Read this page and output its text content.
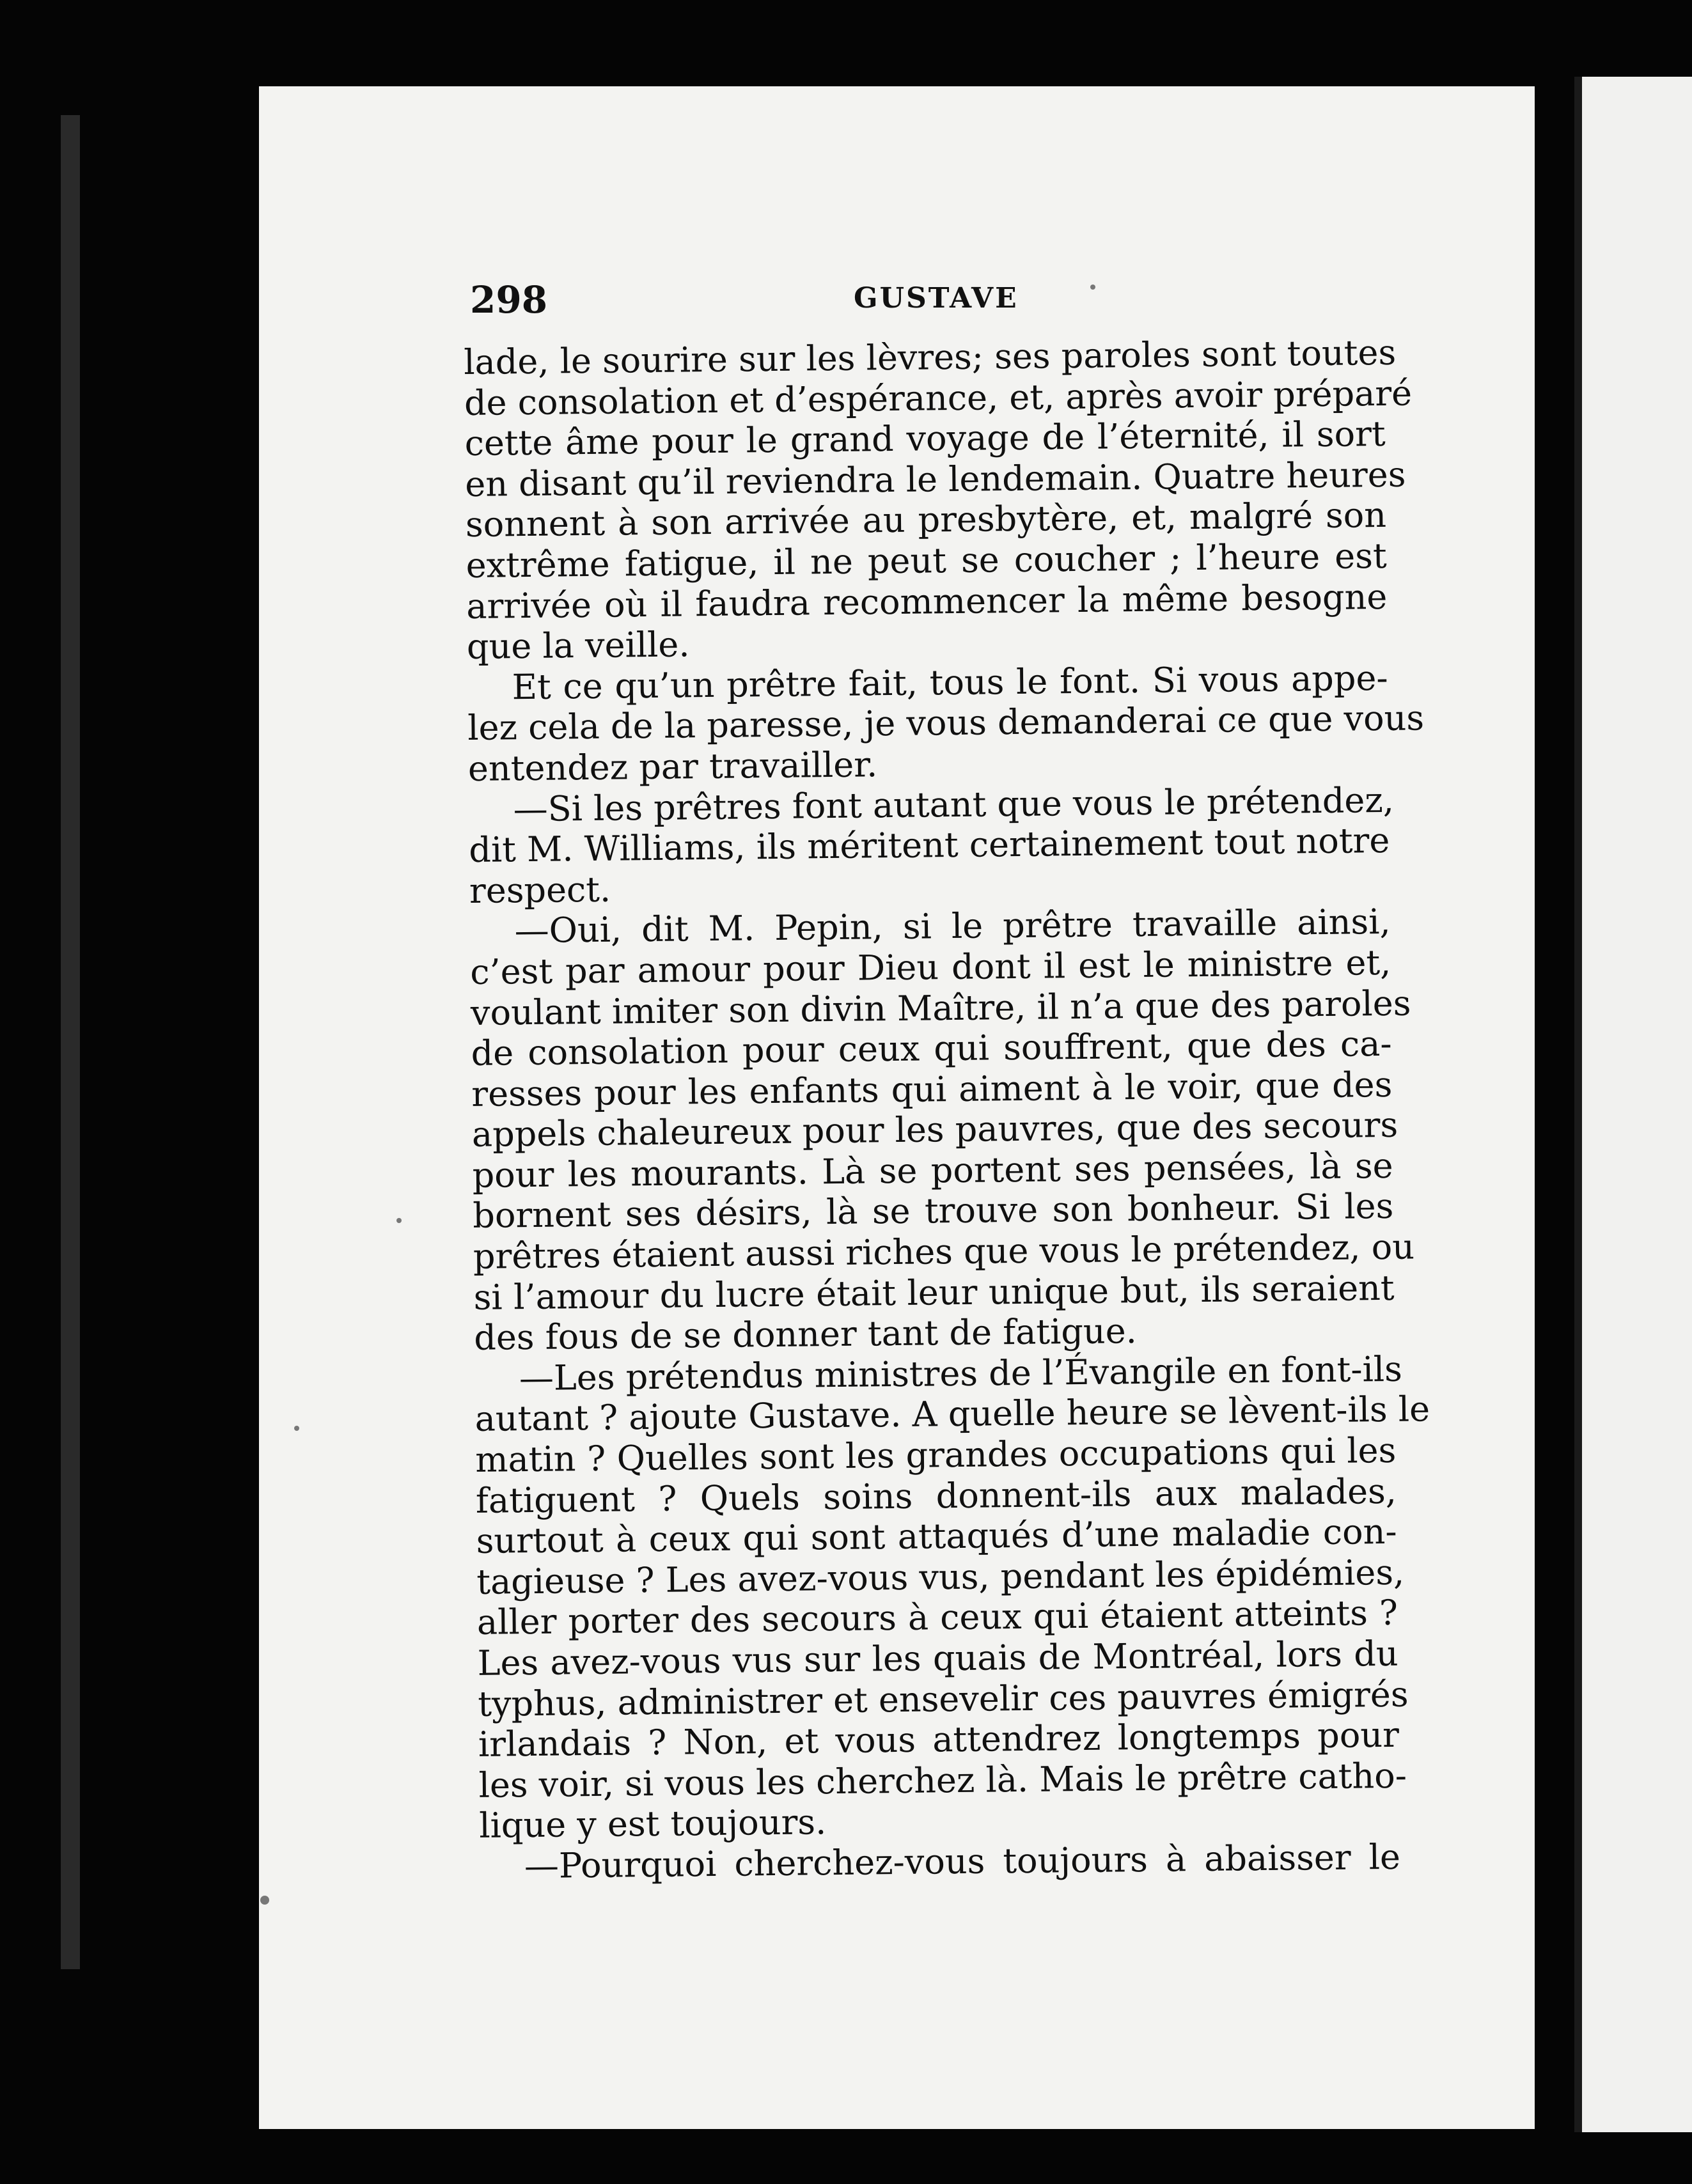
298	GUSTAVE
lade, le sourire sur les lèvres; ses paroles sont toutes
de consolation et d’espérance, et, après avoir préparé
cette âme pour le grand voyage de l’éternité, il sort
en disant qu’il reviendra le lendemain. Quatre heures
sonnent à son arrivée au presbytère, et, malgré son
extrême fatigue, il ne peut se coucher ; l’heure est
arrivée où il faudra recommencer la même besogne
que la veille.
Et ce qu’un prêtre fait, tous le font. Si vous appe-
lez cela de la paresse, je vous demanderai ce que vous
entendez par travailler.
—Si les prêtres font autant que vous le prétendez,
dit M. Williams, ils méritent certainement tout notre
respect.
—Oui, dit M. Pepin, si le prêtre travaille ainsi,
c’est par amour pour Dieu dont il est le ministre et,
voulant imiter son divin Maître, il n’a que des paroles
de consolation pour ceux qui souffrent, que des ca-
resses pour les enfants qui aiment à le voir, que des
appels chaleureux pour les pauvres, que des secours
pour les mourants. Là se portent ses pensées, là se
bornent ses désirs, là se trouve son bonheur. Si les
prêtres étaient aussi riches que vous le prétendez, ou
si l’amour du lucre était leur unique but, ils seraient
des fous de se donner tant de fatigue.
—Les prétendus ministres de l’Évangile en font-ils
autant ? ajoute Gustave. A quelle heure se lèvent-ils le
matin ? Quelles sont les grandes occupations qui les
fatiguent ? Quels soins donnent-ils aux malades,
surtout à ceux qui sont attaqués d’une maladie con-
tagieuse ? Les avez-vous vus, pendant les épidémies,
aller porter des secours à ceux qui étaient atteints ?
Les avez-vous vus sur les quais de Montréal, lors du
typhus, administrer et ensevelir ces pauvres émigrés
irlandais ? Non, et vous attendrez longtemps pour
les voir, si vous les cherchez là. Mais le prêtre catho-
lique y est toujours.
—Pourquoi cherchez-vous toujours à abaisser le
